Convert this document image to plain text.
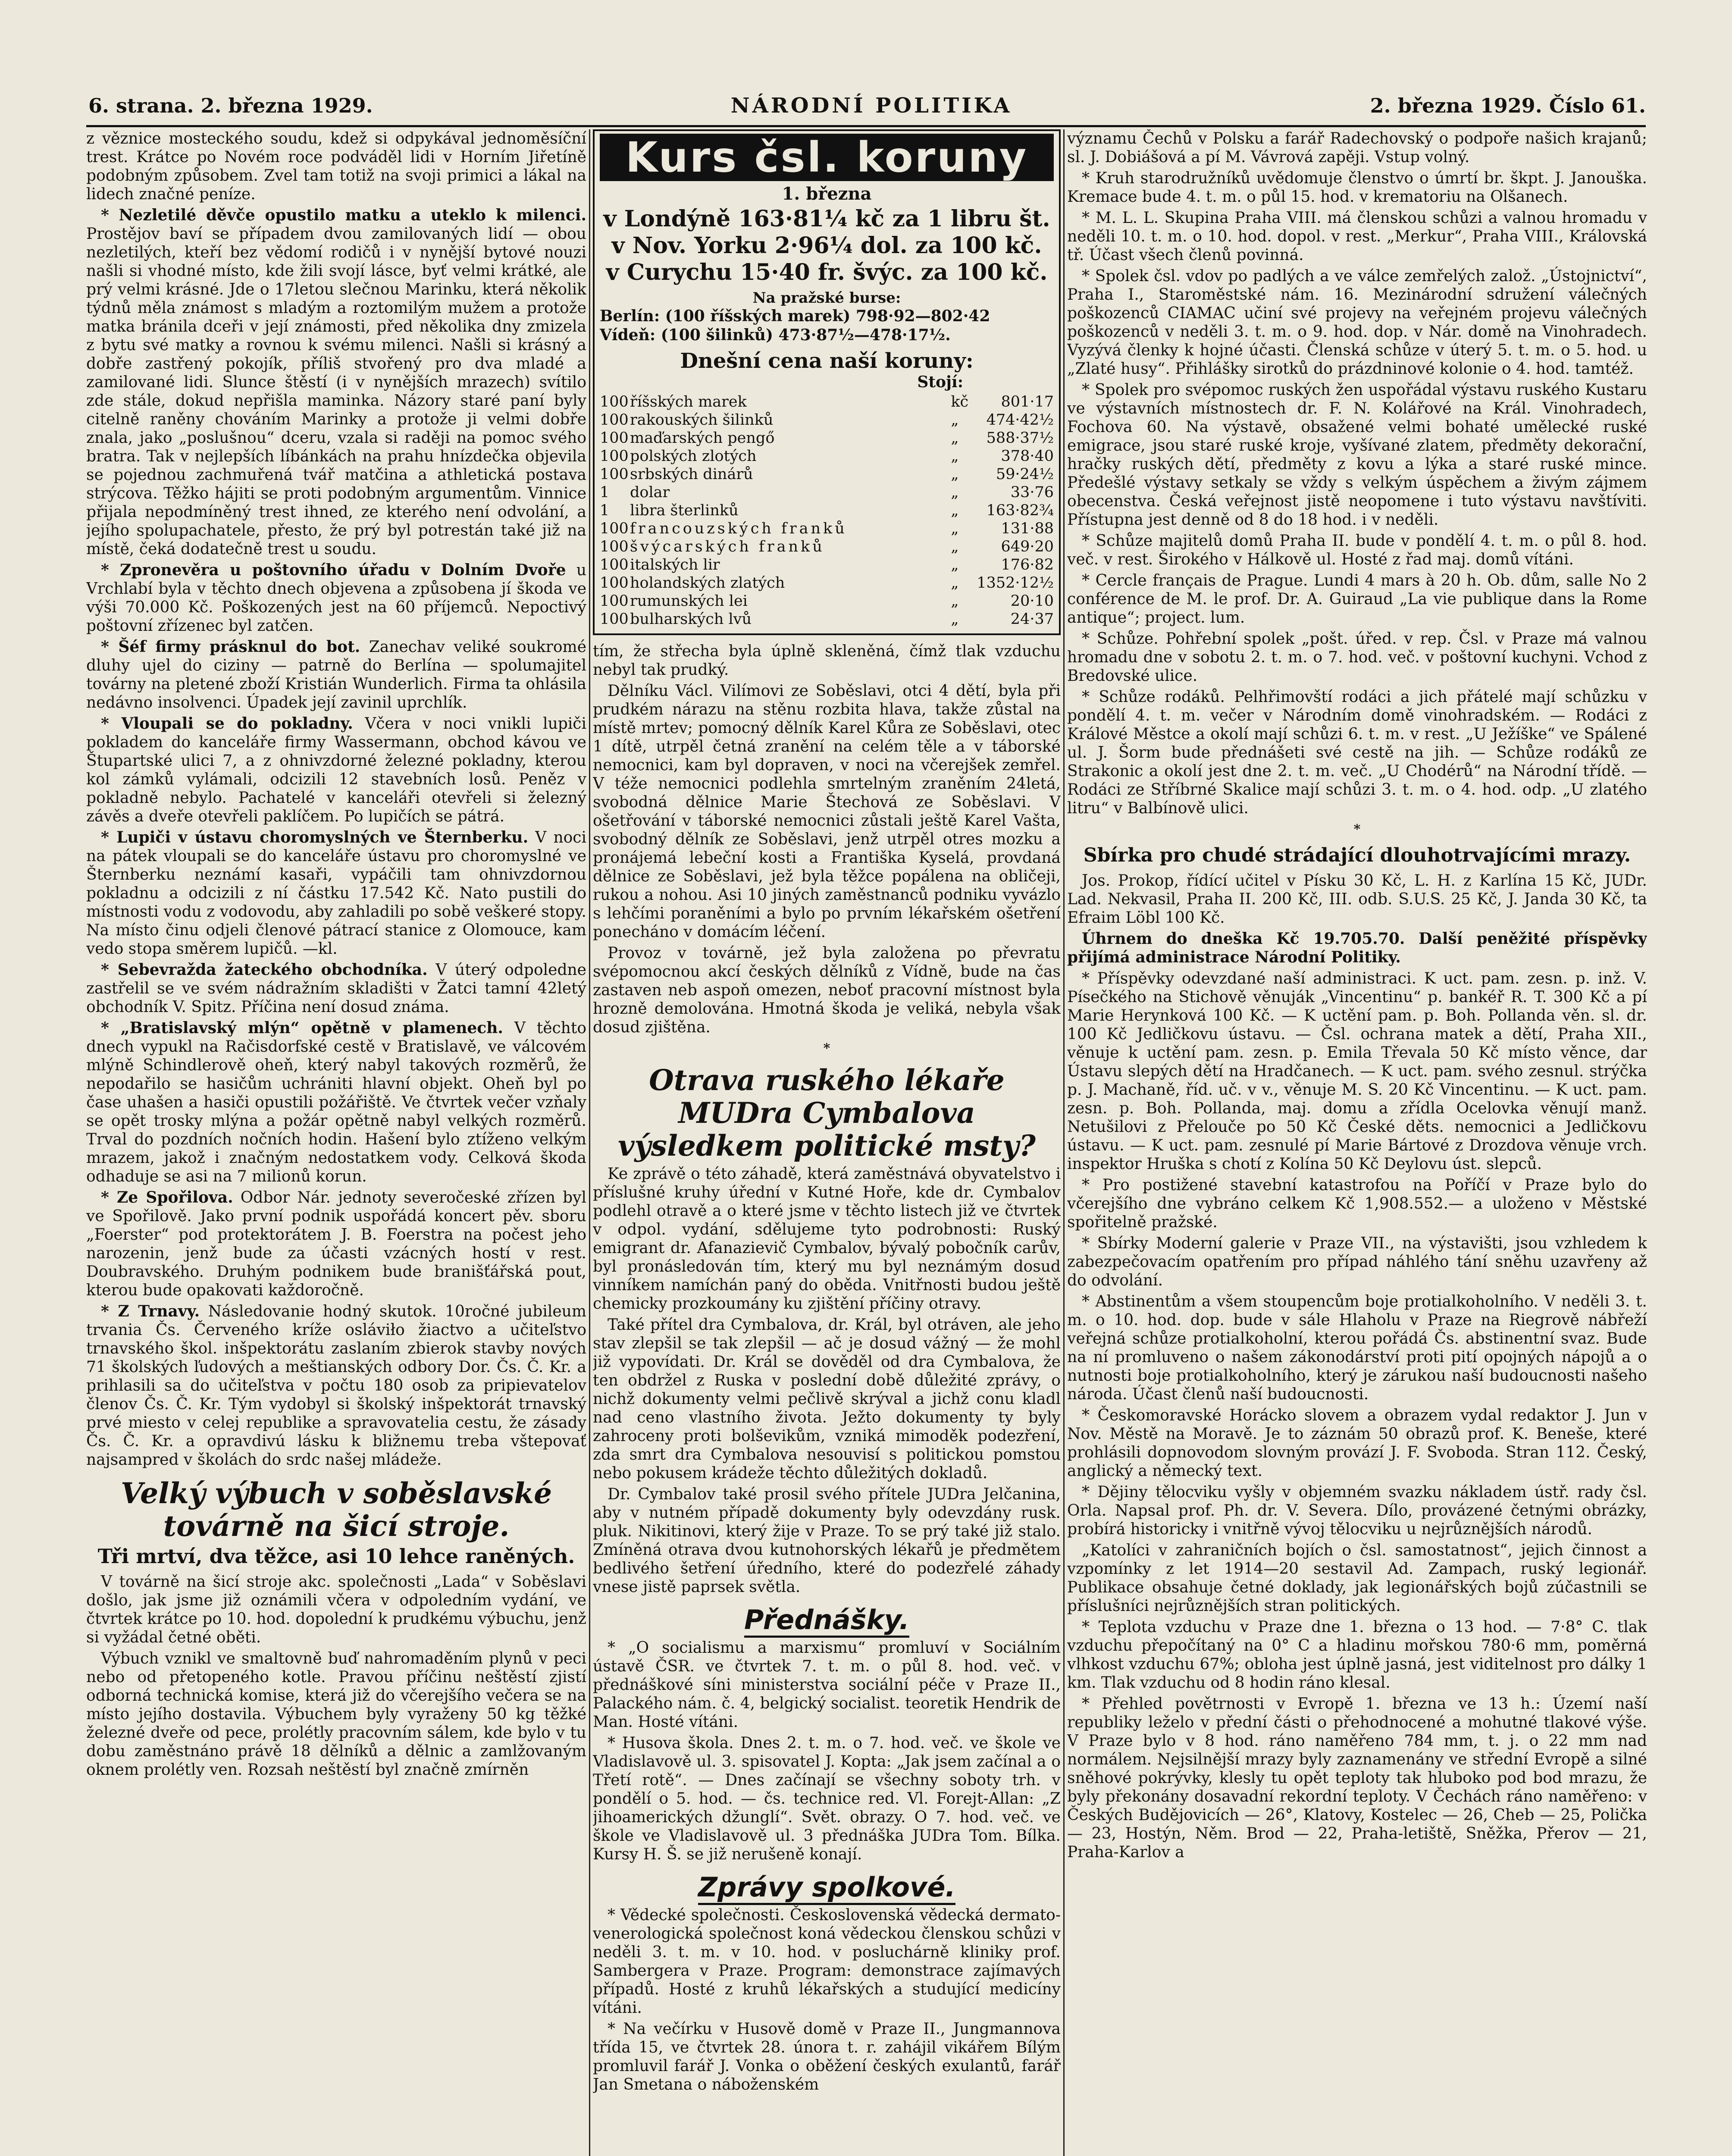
6. strana. 2. března 1929.	NÁRODNÍ POLITIKA	2. března 1929. Číslo 61.

z věznice mosteckého soudu, kdež si odpykával jednoměsíční trest. Krátce po Novém roce podváděl lidi v Horním Jiřetíně podobným způsobem. Zvel tam totiž na svoji primici a lákal na lidech značné peníze.

* Nezletilé děvče opustilo matku a uteklo k milenci. Prostějov baví se případem dvou zamilovaných lidí — obou nezletilých, kteří bez vědomí rodičů i v nynější bytové nouzi našli si vhodné místo, kde žili svojí lásce, byť velmi krátké, ale prý velmi krásné. Jde o 17letou slečnou Marinku, která několik týdnů měla známost s mladým a roztomilým mužem a protože matka bránila dceři v její známosti, před několika dny zmizela z bytu své matky a rovnou k svému milenci. Našli si krásný a dobře zastřený pokojík, příliš stvořený pro dva mladé a zamilované lidi. Slunce štěstí (i v nynějších mrazech) svítilo zde stále, dokud nepřišla maminka. Názory staré paní byly citelně raněny chováním Marinky a protože ji velmi dobře znala, jako „poslušnou“ dceru, vzala si raději na pomoc svého bratra. Tak v nejlepších líbánkách na prahu hnízdečka objevila se pojednou zachmuřená tvář matčina a athletická postava strýcova. Těžko hájiti se proti podobným argumentům. Vinnice přijala nepodmíněný trest ihned, ze kterého není odvolání, a jejího spolupachatele, přesto, že prý byl potrestán také již na místě, čeká dodatečně trest u soudu.

* Zpronevěra u poštovního úřadu v Dolním Dvoře u Vrchlabí byla v těchto dnech objevena a způsobena jí škoda ve výši 70.000 Kč. Poškozených jest na 60 příjemců. Nepoctivý poštovní zřízenec byl zatčen.

* Šéf firmy prásknul do bot. Zanechav veliké soukromé dluhy ujel do ciziny — patrně do Berlína — spolumajitel továrny na pletené zboží Kristián Wunderlich. Firma ta ohlásila nedávno insolvenci. Úpadek její zavinil uprchlík.

* Vloupali se do pokladny. Včera v noci vnikli lupiči pokladem do kanceláře firmy Wassermann, obchod kávou ve Štupartské ulici 7, a z ohnivzdorné železné pokladny, kterou kol zámků vylámali, odcizili 12 stavebních losů. Peněz v pokladně nebylo. Pachatelé v kanceláři otevřeli si železný závěs a dveře otevřeli paklíčem. Po lupičích se pátrá.

* Lupiči v ústavu choromyslných ve Šternberku. V noci na pátek vloupali se do kanceláře ústavu pro choromyslné ve Šternberku neznámí kasaři, vypáčili tam ohnivzdornou pokladnu a odcizili z ní částku 17.542 Kč. Nato pustili do místnosti vodu z vodovodu, aby zahladili po sobě veškeré stopy. Na místo činu odjeli členové pátrací stanice z Olomouce, kam vedo stopa směrem lupičů. —kl.

* Sebevražda žateckého obchodníka. V úterý odpoledne zastřelil se ve svém nádražním skladišti v Žatci tamní 42letý obchodník V. Spitz. Příčina není dosud známa.

* „Bratislavský mlýn“ opětně v plamenech. V těchto dnech vypukl na Račisdorfské cestě v Bratislavě, ve válcovém mlýně Schindlerově oheň, který nabyl takových rozměrů, že nepodařilo se hasičům uchrániti hlavní objekt. Oheň byl po čase uhašen a hasiči opustili požářiště. Ve čtvrtek večer vzňaly se opět trosky mlýna a požár opětně nabyl velkých rozměrů. Trval do pozdních nočních hodin. Hašení bylo ztíženo velkým mrazem, jakož i značným nedostatkem vody. Celková škoda odhaduje se asi na 7 milionů korun.

* Ze Spořilova. Odbor Nár. jednoty severočeské zřízen byl ve Spořilově. Jako první podnik uspořádá koncert pěv. sboru „Foerster“ pod protektorátem J. B. Foerstra na počest jeho narozenin, jenž bude za účasti vzácných hostí v rest. Doubravského. Druhým podnikem bude branišťářská pout, kterou bude opakovati každoročně.

* Z Trnavy. Následovanie hodný skutok. 10ročné jubileum trvania Čs. Červeného kríže osláviło žiactvo a učiteľstvo trnavského škol. inšpektorátu zaslaním zbierok stavby nových 71 školských ľudových a meštianských odbory Dor. Čs. Č. Kr. a prihlasili sa do učiteľstva v počtu 180 osob za pripievatelov členov Čs. Č. Kr. Tým vydobyl si školský inšpektorát trnavský prvé miesto v celej republike a spravovatelia cestu, že zásady Čs. Č. Kr. a opravdivú lásku k bližnemu treba vštepovať najsampred v školách do srdc našej mládeže.

Velký výbuch v soběslavské továrně na šicí stroje.
Tři mrtví, dva těžce, asi 10 lehce raněných.

V továrně na šicí stroje akc. společnosti „Lada“ v Soběslavi došlo, jak jsme již oznámili včera v odpoledním vydání, ve čtvrtek krátce po 10. hod. dopolední k prudkému výbuchu, jenž si vyžádal četné oběti.

Výbuch vznikl ve smaltovně buď nahromaděním plynů v peci nebo od přetopeného kotle. Pravou příčinu neštěstí zjistí odborná technická komise, která již do včerejšího večera se na místo jejího dostavila. Výbuchem byly vyraženy 50 kg těžké železné dveře od pece, prolétly pracovním sálem, kde bylo v tu dobu zaměstnáno právě 18 dělníků a dělnic a zamlžovaným oknem prolétly ven. Rozsah neštěstí byl značně zmírněn

Kurs čsl. koruny
1. března
v Londýně 163·81¼ kč za 1 libru št.
v Nov. Yorku 2·96¼ dol. za 100 kč.
v Curychu 15·40 fr. švýc. za 100 kč.
Na pražské burse:
Berlín: (100 říšských marek) 798·92—802·42
Vídeň: (100 šilinků) 473·87½—478·17½.
Dnešní cena naší koruny:
Stojí:
100	říšských marek	kč	801·17
100	rakouských šilinků	„	474·42½
100	maďarských pengő	„	588·37½
100	polských zlotých	„	378·40
100	srbských dinárů	„	59·24½
1	dolar	„	33·76
1	libra šterlinků	„	163·82¾
100	francouzských franků	„	131·88
100	švýcarských franků	„	649·20
100	italských lir	„	176·82
100	holandských zlatých	„	1352·12½
100	rumunských lei	„	20·10
100	bulharských lvů	„	24·37

tím, že střecha byla úplně skleněná, čímž tlak vzduchu nebyl tak prudký.

Dělníku Václ. Vilímovi ze Soběslavi, otci 4 dětí, byla při prudkém nárazu na stěnu rozbita hlava, takže zůstal na místě mrtev; pomocný dělník Karel Kůra ze Soběslavi, otec 1 dítě, utrpěl četná zranění na celém těle a v táborské nemocnici, kam byl dopraven, v noci na včerejšek zemřel. V téže nemocnici podlehla smrtelným zraněním 24letá, svobodná dělnice Marie Štechová ze Soběslavi. V ošetřování v táborské nemocnici zůstali ještě Karel Vašta, svobodný dělník ze Soběslavi, jenž utrpěl otres mozku a pronájemá lebeční kosti a Františka Kyselá, provdaná dělnice ze Soběslavi, jež byla těžce popálena na obličeji, rukou a nohou. Asi 10 jiných zaměstnanců podniku vyvázlo s lehčími poraněními a bylo po prvním lékařském ošetření ponecháno v domácím léčení.

Provoz v továrně, jež byla založena po převratu svépomocnou akcí českých dělníků z Vídně, bude na čas zastaven neb aspoň omezen, neboť pracovní místnost byla hrozně demolována. Hmotná škoda je veliká, nebyla však dosud zjištěna.

*
Otrava ruského lékaře MUDra Cymbalova výsledkem politické msty?

Ke zprávě o této záhadě, která zaměstnává obyvatelstvo i příslušné kruhy úřední v Kutné Hoře, kde dr. Cymbalov podlehl otravě a o které jsme v těchto listech již ve čtvrtek v odpol. vydání, sdělujeme tyto podrobnosti: Ruský emigrant dr. Afanazievič Cymbalov, bývalý pobočník carův, byl pronásledován tím, který mu byl neznámým dosud vinníkem namíchán paný do oběda. Vnitřnosti budou ještě chemicky prozkoumány ku zjištění příčiny otravy.

Také přítel dra Cymbalova, dr. Král, byl otráven, ale jeho stav zlepšil se tak zlepšil — ač je dosud vážný — že mohl již vypovídati. Dr. Král se dověděl od dra Cymbalova, že ten obdržel z Ruska v poslední době důležité zprávy, o nichž dokumenty velmi pečlivě skrýval a jichž conu kladl nad ceno vlastního života. Ježto dokumenty ty byly zahroceny proti bolševikům, vzniká mimoděk podezření, zda smrt dra Cymbalova nesouvisí s politickou pomstou nebo pokusem krádeže těchto důležitých dokladů.

Dr. Cymbalov také prosil svého přítele JUDra Jelčanina, aby v nutném případě dokumenty byly odevzdány rusk. pluk. Nikitinovi, který žije v Praze. To se prý také již stalo. Zmíněná otrava dvou kutnohorských lékařů je předmětem bedlivého šetření úředního, které do podezřelé záhady vnese jistě paprsek světla.

Přednášky.

* „O socialismu a marxismu“ promluví v Sociálním ústavě ČSR. ve čtvrtek 7. t. m. o půl 8. hod. več. v přednáškové síni ministerstva sociální péče v Praze II., Palackého nám. č. 4, belgický socialist. teoretik Hendrik de Man. Hosté vítáni.

* Husova škola. Dnes 2. t. m. o 7. hod. več. ve škole ve Vladislavově ul. 3. spisovatel J. Kopta: „Jak jsem začínal a o Třetí rotě“. — Dnes začínají se všechny soboty trh. v pondělí o 5. hod. — čs. technice red. Vl. Forejt-Allan: „Z jihoamerických džunglí“. Svět. obrazy. O 7. hod. več. ve škole ve Vladislavově ul. 3 přednáška JUDra Tom. Bílka. Kursy H. Š. se již nerušeně konají.

Zprávy spolkové.

* Vědecké společnosti. Československá vědecká dermato-venerologická společnost koná vědeckou členskou schůzi v neděli 3. t. m. v 10. hod. v posluchárně kliniky prof. Sambergera v Praze. Program: demonstrace zajímavých případů. Hosté z kruhů lékařských a studující medicíny vítáni.

* Na večírku v Husově domě v Praze II., Jungmannova třída 15, ve čtvrtek 28. února t. r. zahájil vikářem Bílým promluvil farář J. Vonka o oběžení českých exulantů, farář Jan Smetana o náboženském

významu Čechů v Polsku a farář Radechovský o podpoře našich krajanů; sl. J. Dobiášová a pí M. Vávrová zapěji. Vstup volný.

* Kruh starodružníků uvědomuje členstvo o úmrtí br. škpt. J. Janouška. Kremace bude 4. t. m. o půl 15. hod. v krematoriu na Olšanech.

* M. L. L. Skupina Praha VIII. má členskou schůzi a valnou hromadu v neděli 10. t. m. o 10. hod. dopol. v rest. „Merkur“, Praha VIII., Královská tř. Účast všech členů povinná.

* Spolek čsl. vdov po padlých a ve válce zemřelých založ. „Ústojnictví“, Praha I., Staroměstské nám. 16. Mezinárodní sdružení válečných poškozenců CIAMAC učiní své projevy na veřejném projevu válečných poškozenců v neděli 3. t. m. o 9. hod. dop. v Nár. domě na Vinohradech. Vyzývá členky k hojné účasti. Členská schůze v úterý 5. t. m. o 5. hod. u „Zlaté husy“. Přihlášky sirotků do prázdninové kolonie o 4. hod. tamtéž.

* Spolek pro svépomoc ruských žen uspořádal výstavu ruského Kustaru ve výstavních místnostech dr. F. N. Kolářové na Král. Vinohradech, Fochova 60. Na výstavě, obsažené velmi bohaté umělecké ruské emigrace, jsou staré ruské kroje, vyšívané zlatem, předměty dekorační, hračky ruských dětí, předměty z kovu a lýka a staré ruské mince. Předešlé výstavy setkaly se vždy s velkým úspěchem a živým zájmem obecenstva. Česká veřejnost jistě neopomene i tuto výstavu navštíviti. Přístupna jest denně od 8 do 18 hod. i v neděli.

* Schůze majitelů domů Praha II. bude v pondělí 4. t. m. o půl 8. hod. več. v rest. Širokého v Hálkově ul. Hosté z řad maj. domů vítáni.

* Cercle français de Prague. Lundi 4 mars à 20 h. Ob. dům, salle No 2 conférence de M. le prof. Dr. A. Guiraud „La vie publique dans la Rome antique“; project. lum.

* Schůze. Pohřební spolek „pošt. úřed. v rep. Čsl. v Praze má valnou hromadu dne v sobotu 2. t. m. o 7. hod. več. v poštovní kuchyni. Vchod z Bredovské ulice.

* Schůze rodáků. Pelhřimovští rodáci a jich přátelé mají schůzku v pondělí 4. t. m. večer v Národním domě vinohradském. — Rodáci z Králové Městce a okolí mají schůzi 6. t. m. v rest. „U Ježíške“ ve Spálené ul. J. Šorm bude přednášeti své cestě na jih. — Schůze rodáků ze Strakonic a okolí jest dne 2. t. m. več. „U Chodérů“ na Národní třídě. — Rodáci ze Stříbrné Skalice mají schůzi 3. t. m. o 4. hod. odp. „U zlatého litru“ v Balbínově ulici.

*
Sbírka pro chudé strádající dlouhotrvajícími mrazy.

Jos. Prokop, řídící učitel v Písku 30 Kč, L. H. z Karlína 15 Kč, JUDr. Lad. Nekvasil, Praha II. 200 Kč, III. odb. S.U.S. 25 Kč, J. Janda 30 Kč, ta Efraim Löbl 100 Kč.

Úhrnem do dneška Kč 19.705.70. Další peněžité příspěvky přijímá administrace Národní Politiky.

* Příspěvky odevzdané naší administraci. K uct. pam. zesn. p. inž. V. Písečkého na Stichově věnuják „Vincentinu“ p. bankéř R. T. 300 Kč a pí Marie Herynková 100 Kč. — K uctění pam. p. Boh. Pollanda věn. sl. dr. 100 Kč Jedličkovu ústavu. — Čsl. ochrana matek a dětí, Praha XII., věnuje k uctění pam. zesn. p. Emila Třevala 50 Kč místo věnce, dar Ústavu slepých dětí na Hradčanech. — K uct. pam. svého zesnul. strýčka p. J. Machaně, říd. uč. v v., věnuje M. S. 20 Kč Vincentinu. — K uct. pam. zesn. p. Boh. Pollanda, maj. domu a zřídla Ocelovka věnují manž. Netušilovi z Přelouče po 50 Kč České děts. nemocnici a Jedličkovu ústavu. — K uct. pam. zesnulé pí Marie Bártové z Drozdova věnuje vrch. inspektor Hruška s chotí z Kolína 50 Kč Deylovu úst. slepců.

* Pro postižené stavební katastrofou na Poříčí v Praze bylo do včerejšího dne vybráno celkem Kč 1,908.552.— a uloženo v Městské spořitelně pražské.

* Sbírky Moderní galerie v Praze VII., na výstavišti, jsou vzhledem k zabezpečovacím opatřením pro případ náhlého tání sněhu uzavřeny až do odvolání.

* Abstinentům a všem stoupencům boje protialkoholního. V neděli 3. t. m. o 10. hod. dop. bude v sále Hlaholu v Praze na Riegrově nábřeží veřejná schůze protialkoholní, kterou pořádá Čs. abstinentní svaz. Bude na ní promluveno o našem zákonodárství proti pití opojných nápojů a o nutnosti boje protialkoholního, který je zárukou naší budoucnosti našeho národa. Účast členů naší budoucnosti.

* Českomoravské Horácko slovem a obrazem vydal redaktor J. Jun v Nov. Městě na Moravě. Je to záznám 50 obrazů prof. K. Beneše, které prohlásili dopnovodom slovným provází J. F. Svoboda. Stran 112. Český, anglický a německý text.

* Dějiny tělocviku vyšly v objemném svazku nákladem ústř. rady čsl. Orla. Napsal prof. Ph. dr. V. Severa. Dílo, provázené četnými obrázky, probírá historicky i vnitřně vývoj tělocviku u nejrůznějších národů.

„Katolíci v zahraničních bojích o čsl. samostatnost“, jejich činnost a vzpomínky z let 1914—20 sestavil Ad. Zampach, ruský legionář. Publikace obsahuje četné doklady, jak legionářských bojů zúčastnili se příslušníci nejrůznějších stran politických.

* Teplota vzduchu v Praze dne 1. března o 13 hod. — 7·8° C. tlak vzduchu přepočítaný na 0° C a hladinu mořskou 780·6 mm, poměrná vlhkost vzduchu 67%; obloha jest úplně jasná, jest viditelnost pro dálky 1 km. Tlak vzduchu od 8 hodin ráno klesal.

* Přehled povětrnosti v Evropě 1. března ve 13 h.: Území naší republiky leželo v přední části o přehodnocené a mohutné tlakové výše. V Praze bylo v 8 hod. ráno naměřeno 784 mm, t. j. o 22 mm nad normálem. Nejsilnější mrazy byly zaznamenány ve střední Evropě a silné sněhové pokrývky, klesly tu opět teploty tak hluboko pod bod mrazu, že byly překonány dosavadní rekordní teploty. V Čechách ráno naměřeno: v Českých Budějovicích — 26°, Klatovy, Kostelec — 26, Cheb — 25, Polička — 23, Hostýn, Něm. Brod — 22, Praha-letiště, Sněžka, Přerov — 21, Praha-Karlov a
